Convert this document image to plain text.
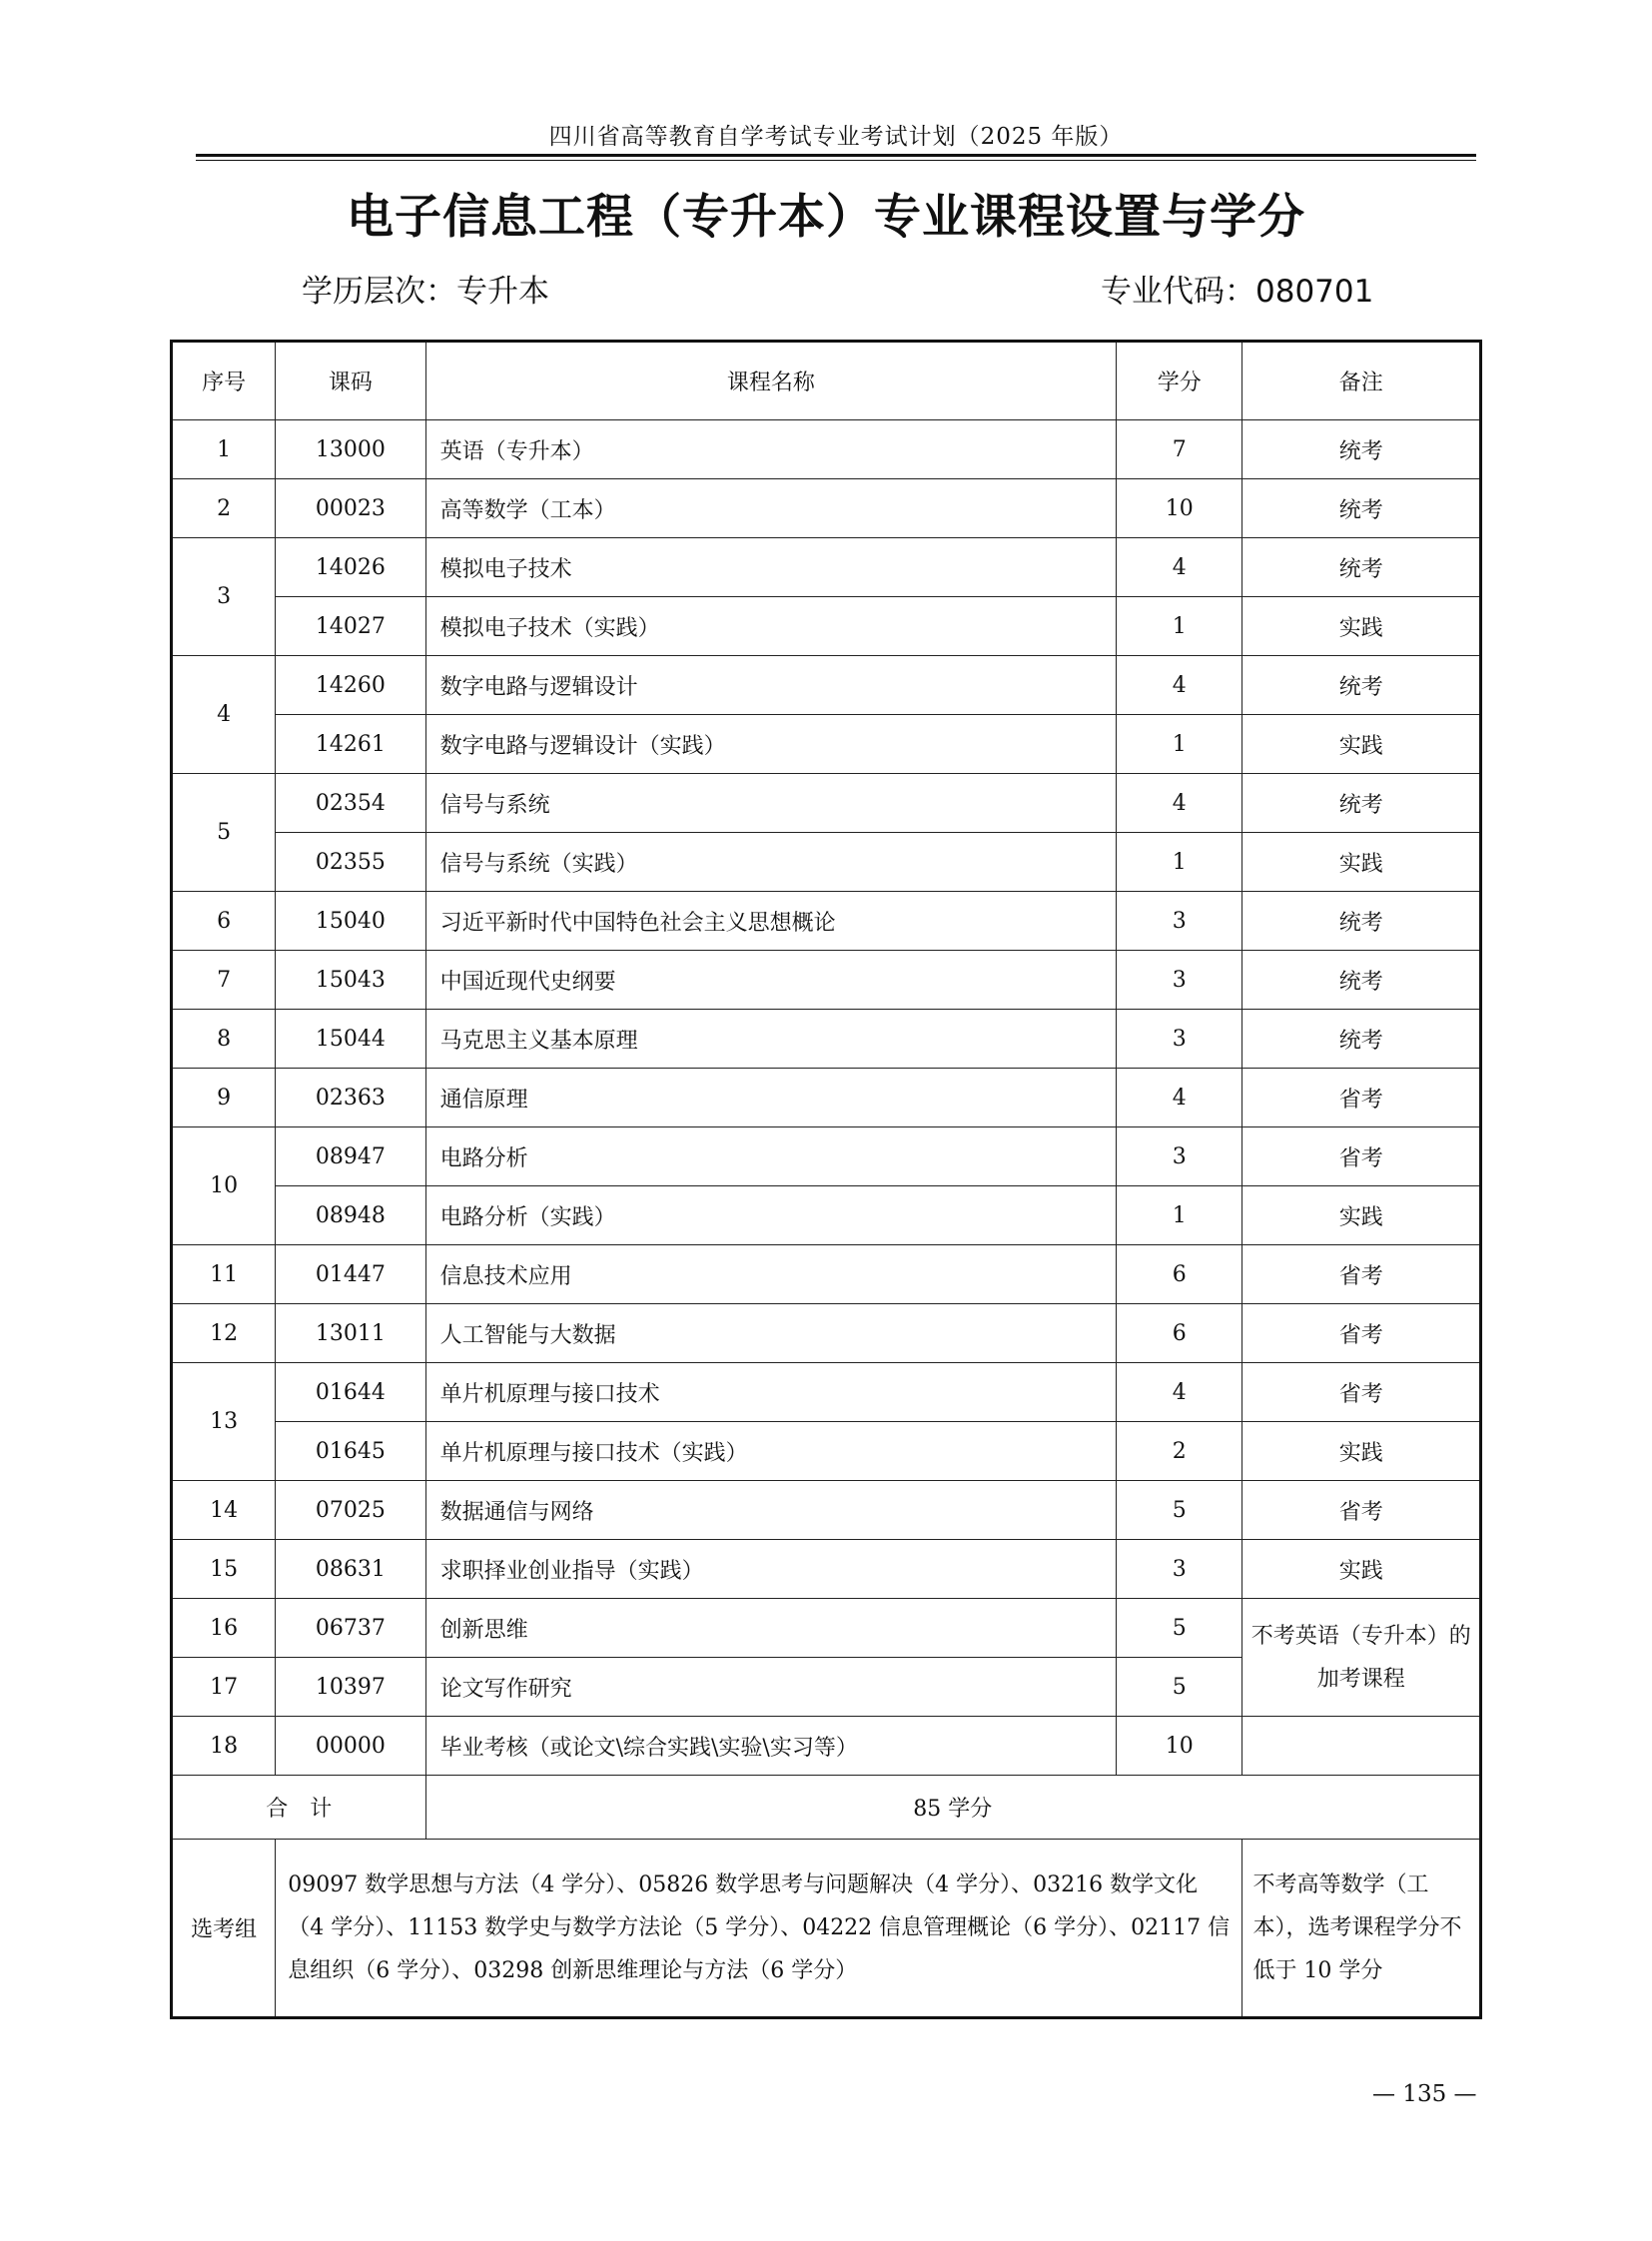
四川省高等教育自学考试专业考试计划（2025 年版）
电子信息工程（专升本）专业课程设置与学分
学历层次：专升本	专业代码：080701
序号	课码	课程名称	学分	备注
1	13000	英语（专升本）	7	统考
2	00023	高等数学（工本）	10	统考
3	14026	模拟电子技术	4	统考
	14027	模拟电子技术（实践）	1	实践
4	14260	数字电路与逻辑设计	4	统考
	14261	数字电路与逻辑设计（实践）	1	实践
5	02354	信号与系统	4	统考
	02355	信号与系统（实践）	1	实践
6	15040	习近平新时代中国特色社会主义思想概论	3	统考
7	15043	中国近现代史纲要	3	统考
8	15044	马克思主义基本原理	3	统考
9	02363	通信原理	4	省考
10	08947	电路分析	3	省考
	08948	电路分析（实践）	1	实践
11	01447	信息技术应用	6	省考
12	13011	人工智能与大数据	6	省考
13	01644	单片机原理与接口技术	4	省考
	01645	单片机原理与接口技术（实践）	2	实践
14	07025	数据通信与网络	5	省考
15	08631	求职择业创业指导（实践）	3	实践
16	06737	创新思维	5	不考英语（专升本）的加考课程
17	10397	论文写作研究	5	
18	00000	毕业考核（或论文\综合实践\实验\实习等）	10	
合　计		85 学分		
选考组	09097 数学思想与方法（4 学分）、05826 数学思考与问题解决（4 学分）、03216 数学文化（4 学分）、11153 数学史与数学方法论（5 学分）、04222 信息管理概论（6 学分）、02117 信息组织（6 学分）、03298 创新思维理论与方法（6 学分）			不考高等数学（工本），选考课程学分不低于 10 学分
— 135 —
